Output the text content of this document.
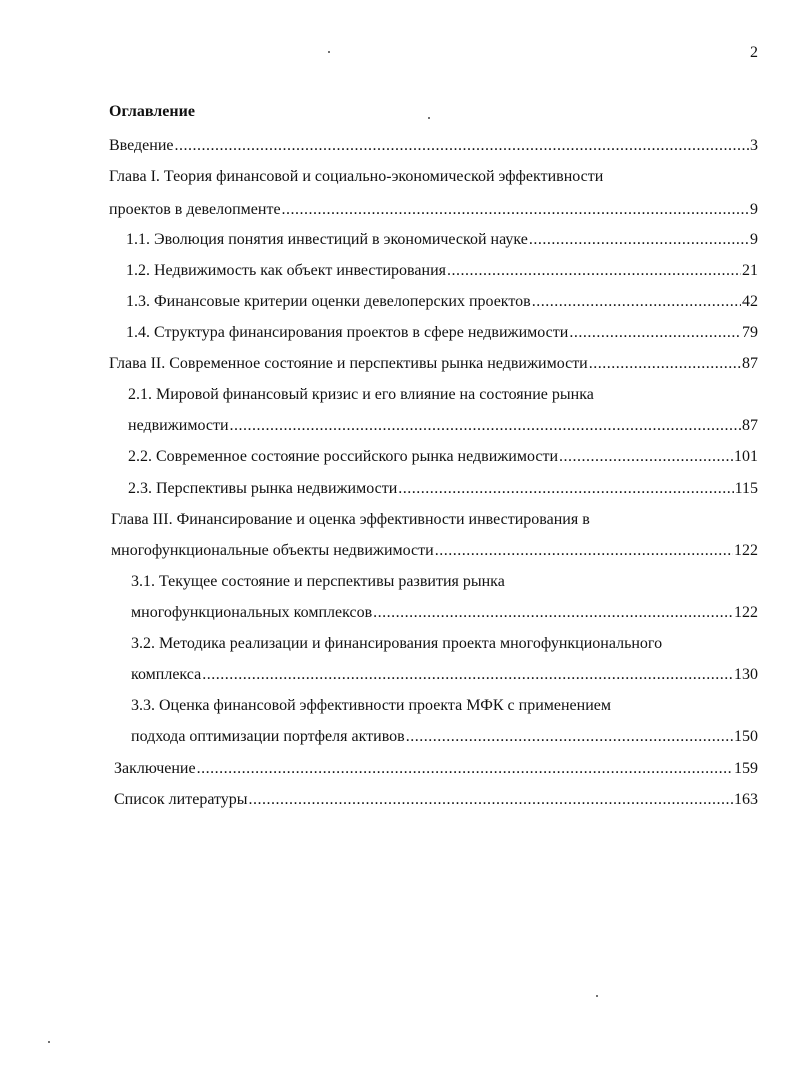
2
Оглавление
Введение .....	3
Глава I. Теория финансовой и социально-экономической эффективности
проектов в девелопменте .....	9
1.1. Эволюция понятия инвестиций в экономической науке .....	9
1.2. Недвижимость как объект инвестирования .....	21
1.3. Финансовые критерии оценки девелоперских проектов .....	42
1.4. Структура финансирования проектов в сфере недвижимости .....	79
Глава II. Современное состояние и перспективы рынка недвижимости .....	87
2.1. Мировой финансовый кризис и его влияние на состояние рынка
недвижимости .....	87
2.2. Современное состояние российского рынка недвижимости .....	101
2.3. Перспективы рынка недвижимости .....	115
Глава III. Финансирование и оценка эффективности инвестирования в
многофункциональные объекты недвижимости .....	122
3.1. Текущее состояние и перспективы развития рынка
многофункциональных комплексов .....	122
3.2. Методика реализации и финансирования проекта многофункционального
комплекса .....	130
3.3. Оценка финансовой эффективности проекта МФК с применением
подхода оптимизации портфеля активов .....	150
Заключение .....	159
Список литературы .....	163
